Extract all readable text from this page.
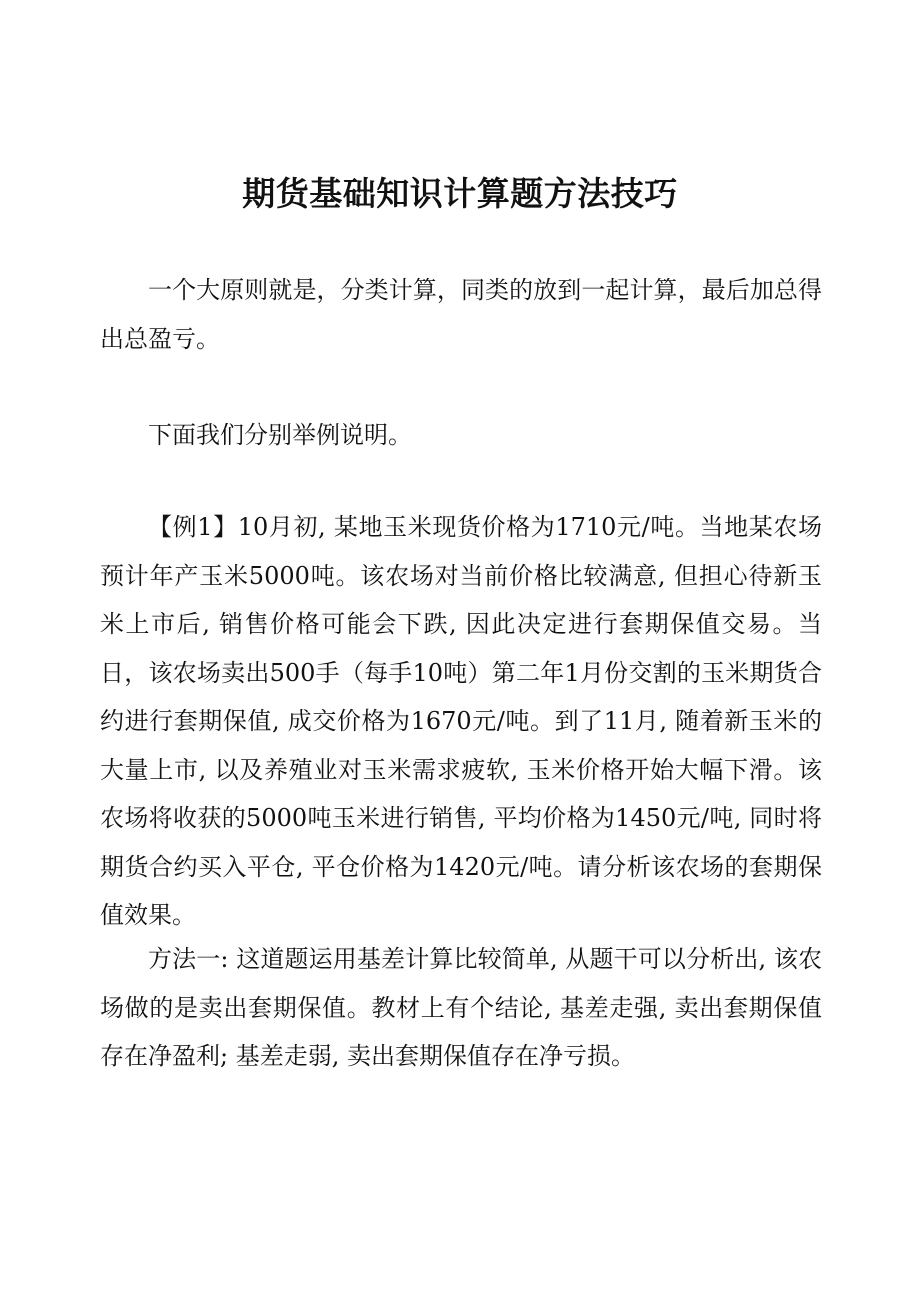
期货基础知识计算题方法技巧

一个大原则就是，分类计算，同类的放到一起计算，最后加总得出总盈亏。

下面我们分别举例说明。

【例1】10月初, 某地玉米现货价格为1710元/吨。当地某农场预计年产玉米5000吨。该农场对当前价格比较满意, 但担心待新玉米上市后, 销售价格可能会下跌, 因此决定进行套期保值交易。当日，该农场卖出500手（每手10吨）第二年1月份交割的玉米期货合约进行套期保值, 成交价格为1670元/吨。到了11月, 随着新玉米的大量上市, 以及养殖业对玉米需求疲软, 玉米价格开始大幅下滑。该农场将收获的5000吨玉米进行销售, 平均价格为1450元/吨, 同时将期货合约买入平仓, 平仓价格为1420元/吨。请分析该农场的套期保值效果。

方法一: 这道题运用基差计算比较简单, 从题干可以分析出, 该农场做的是卖出套期保值。教材上有个结论, 基差走强, 卖出套期保值存在净盈利; 基差走弱, 卖出套期保值存在净亏损。
